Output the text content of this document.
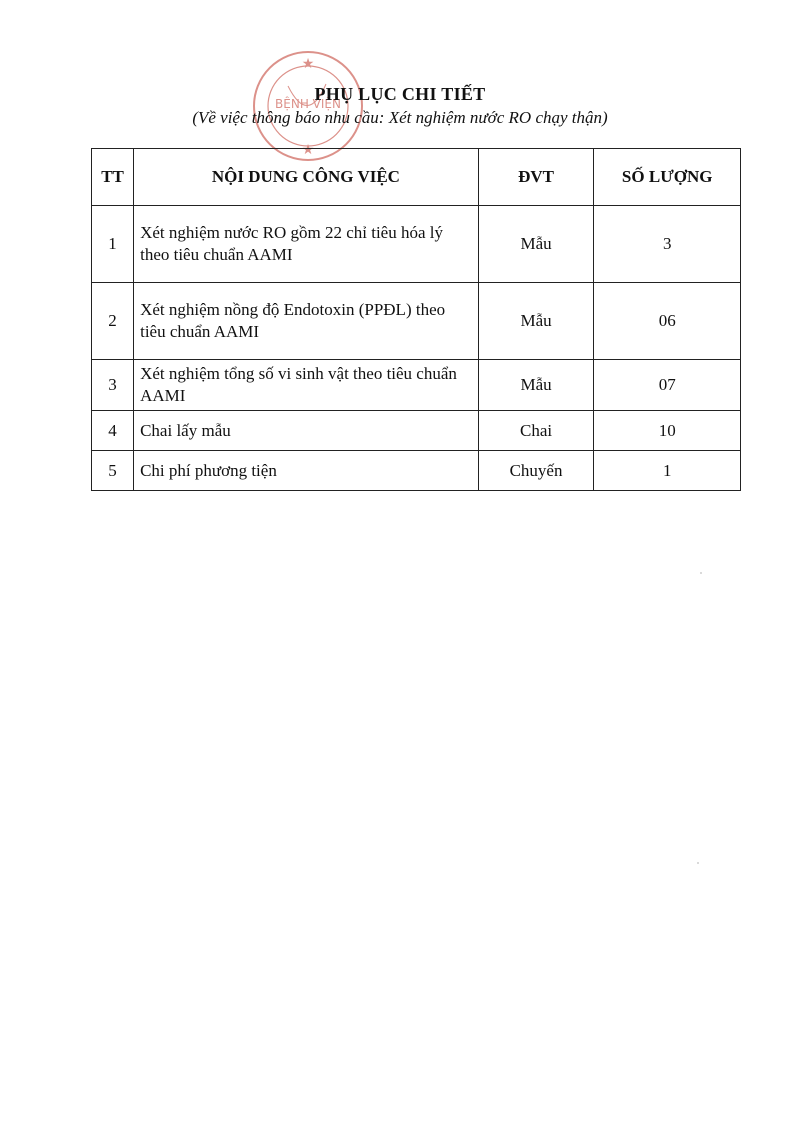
BỆNH VIỆN
★
★
PHỤ LỤC CHI TIẾT
(Về việc thông báo nhu cầu: Xét nghiệm nước RO chạy thận)
TT	NỘI DUNG CÔNG VIỆC	ĐVT	SỐ LƯỢNG
1	Xét nghiệm nước RO gồm 22 chỉ tiêu hóa lý theo tiêu chuẩn AAMI	Mẫu	3
2	Xét nghiệm nồng độ Endotoxin (PPĐL) theo tiêu chuẩn AAMI	Mẫu	06
3	Xét nghiệm tổng số vi sinh vật theo tiêu chuẩn AAMI	Mẫu	07
4	Chai lấy mẫu	Chai	10
5	Chi phí phương tiện	Chuyến	1
